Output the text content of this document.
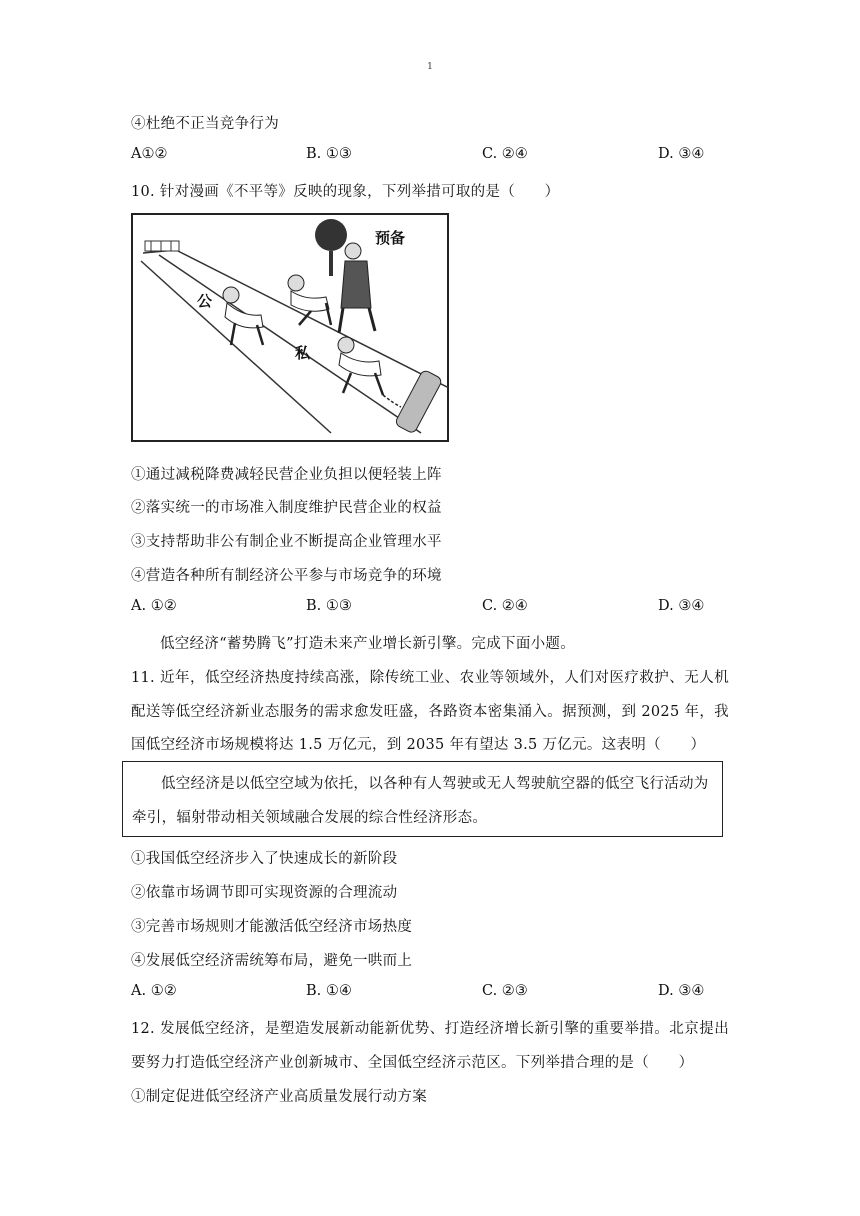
1
④杜绝不正当竞争行为
A①②	B. ①③	C. ②④	D. ③④
10. 针对漫画《不平等》反映的现象，下列举措可取的是（　　）
公
私
预备
①通过减税降费减轻民营企业负担以便轻装上阵
②落实统一的市场准入制度维护民营企业的权益
③支持帮助非公有制企业不断提高企业管理水平
④营造各种所有制经济公平参与市场竞争的环境
A. ①②	B. ①③	C. ②④	D. ③④
低空经济“蓄势腾飞”打造未来产业增长新引擎。完成下面小题。
11. 近年，低空经济热度持续高涨，除传统工业、农业等领域外，人们对医疗救护、无人机
配送等低空经济新业态服务的需求愈发旺盛，各路资本密集涌入。据预测，到 2025 年，我
国低空经济市场规模将达 1.5 万亿元，到 2035 年有望达 3.5 万亿元。这表明（　　）
低空经济是以低空空域为依托，以各种有人驾驶或无人驾驶航空器的低空飞行活动为
牵引，辐射带动相关领域融合发展的综合性经济形态。
①我国低空经济步入了快速成长的新阶段
②依靠市场调节即可实现资源的合理流动
③完善市场规则才能激活低空经济市场热度
④发展低空经济需统筹布局，避免一哄而上
A. ①②	B. ①④	C. ②③	D. ③④
12. 发展低空经济，是塑造发展新动能新优势、打造经济增长新引擎的重要举措。北京提出
要努力打造低空经济产业创新城市、全国低空经济示范区。下列举措合理的是（　　）
①制定促进低空经济产业高质量发展行动方案
